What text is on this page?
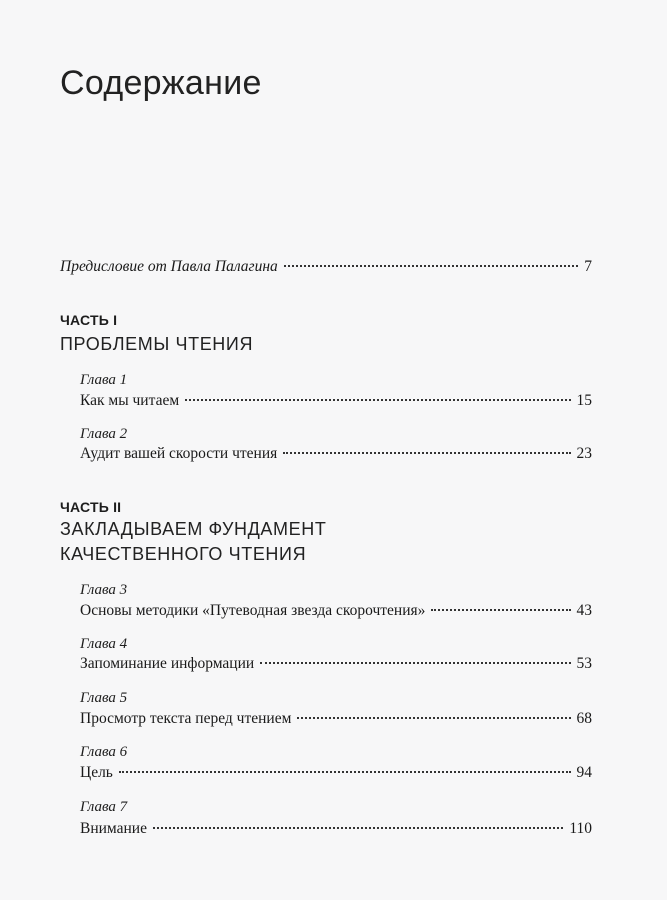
Содержание
Предисловие от Павла Палагина	7
ЧАСТЬ I
ПРОБЛЕМЫ ЧТЕНИЯ
Глава 1
Как мы читаем	15
Глава 2
Аудит вашей скорости чтения	23
ЧАСТЬ II
ЗАКЛАДЫВАЕМ ФУНДАМЕНТ
КАЧЕСТВЕННОГО ЧТЕНИЯ
Глава 3
Основы методики «Путеводная звезда скорочтения»	43
Глава 4
Запоминание информации	53
Глава 5
Просмотр текста перед чтением	68
Глава 6
Цель	94
Глава 7
Внимание	110
